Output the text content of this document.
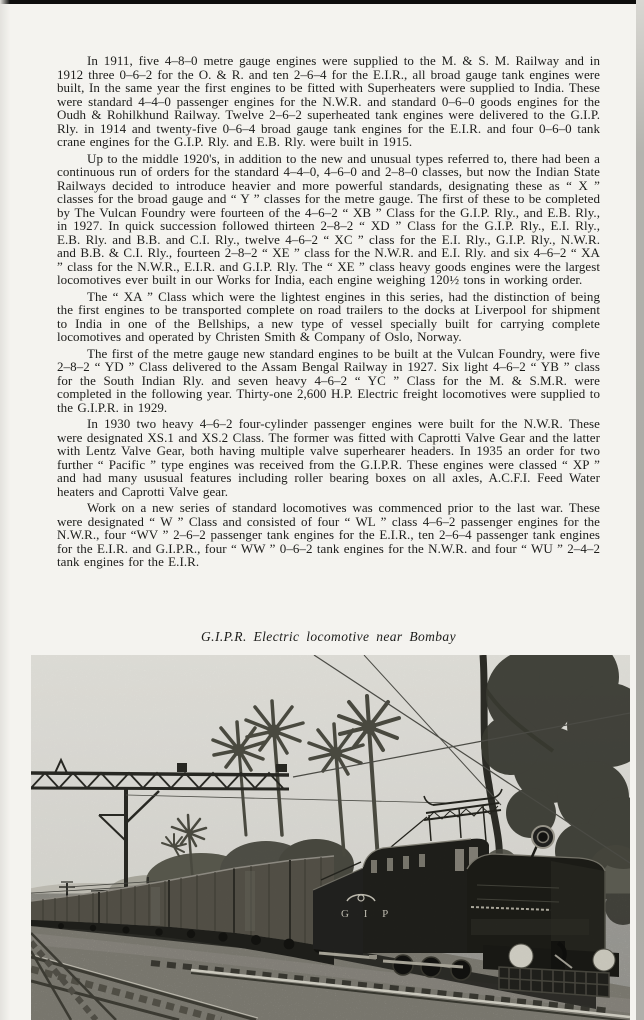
In 1911, five 4–8–0 metre gauge engines were supplied to the M. & S. M. Railway and in 1912 three 0–6–2 for the O. & R. and ten 2–6–4 for the E.I.R., all broad gauge tank engines were built, In the same year the first engines to be fitted with Superheaters were supplied to India. These were standard 4–4–0 passenger engines for the N.W.R. and standard 0–6–0 goods engines for the Oudh & Rohilkhund Railway. Twelve 2–6–2 superheated tank engines were delivered to the G.I.P. Rly. in 1914 and twenty-five 0–6–4 broad gauge tank engines for the E.I.R. and four 0–6–0 tank crane engines for the G.I.P. Rly. and E.B. Rly. were built in 1915.

Up to the middle 1920's, in addition to the new and unusual types referred to, there had been a continuous run of orders for the standard 4–4–0, 4–6–0 and 2–8–0 classes, but now the Indian State Railways decided to introduce heavier and more powerful standards, designating these as “ X ” classes for the broad gauge and “ Y ” classes for the metre gauge. The first of these to be completed by The Vulcan Foundry were fourteen of the 4–6–2 “ XB ” Class for the G.I.P. Rly., and E.B. Rly., in 1927. In quick succession followed thirteen 2–8–2 “ XD ” Class for the G.I.P. Rly., E.I. Rly., E.B. Rly. and B.B. and C.I. Rly., twelve 4–6–2 “ XC ” class for the E.I. Rly., G.I.P. Rly., N.W.R. and B.B. & C.I. Rly., fourteen 2–8–2 “ XE ” class for the N.W.R. and E.I. Rly. and six 4–6–2 “ XA ” class for the N.W.R., E.I.R. and G.I.P. Rly. The “ XE ” class heavy goods engines were the largest locomotives ever built in our Works for India, each engine weighing 120½ tons in working order.

The “ XA ” Class which were the lightest engines in this series, had the distinction of being the first engines to be transported complete on road trailers to the docks at Liverpool for shipment to India in one of the Bellships, a new type of vessel specially built for carrying complete locomotives and operated by Christen Smith & Company of Oslo, Norway.

The first of the metre gauge new standard engines to be built at the Vulcan Foundry, were five 2–8–2 “ YD ” Class delivered to the Assam Bengal Railway in 1927. Six light 4–6–2 “ YB ” class for the South Indian Rly. and seven heavy 4–6–2 “ YC ” Class for the M. & S.M.R. were completed in the following year. Thirty-one 2,600 H.P. Electric freight locomotives were supplied to the G.I.P.R. in 1929.

In 1930 two heavy 4–6–2 four-cylinder passenger engines were built for the N.W.R. These were designated XS.1 and XS.2 Class. The former was fitted with Caprotti Valve Gear and the latter with Lentz Valve Gear, both having multiple valve superhearer headers. In 1935 an order for two further “ Pacific ” type engines was received from the G.I.P.R. These engines were classed “ XP ” and had many ususual features including roller bearing boxes on all axles, A.C.F.I. Feed Water heaters and Caprotti Valve gear.

Work on a new series of standard locomotives was commenced prior to the last war. These were designated “ W ” Class and consisted of four “ WL ” class 4–6–2 passenger engines for the N.W.R., four “WV ” 2–6–2 passenger tank engines for the E.I.R., ten 2–6–4 passenger tank engines for the E.I.R. and G.I.P.R., four “ WW ” 0–6–2 tank engines for the N.W.R. and four “ WU ” 2–4–2 tank engines for the E.I.R.

G.I.P.R. Electric locomotive near Bombay
G I P
